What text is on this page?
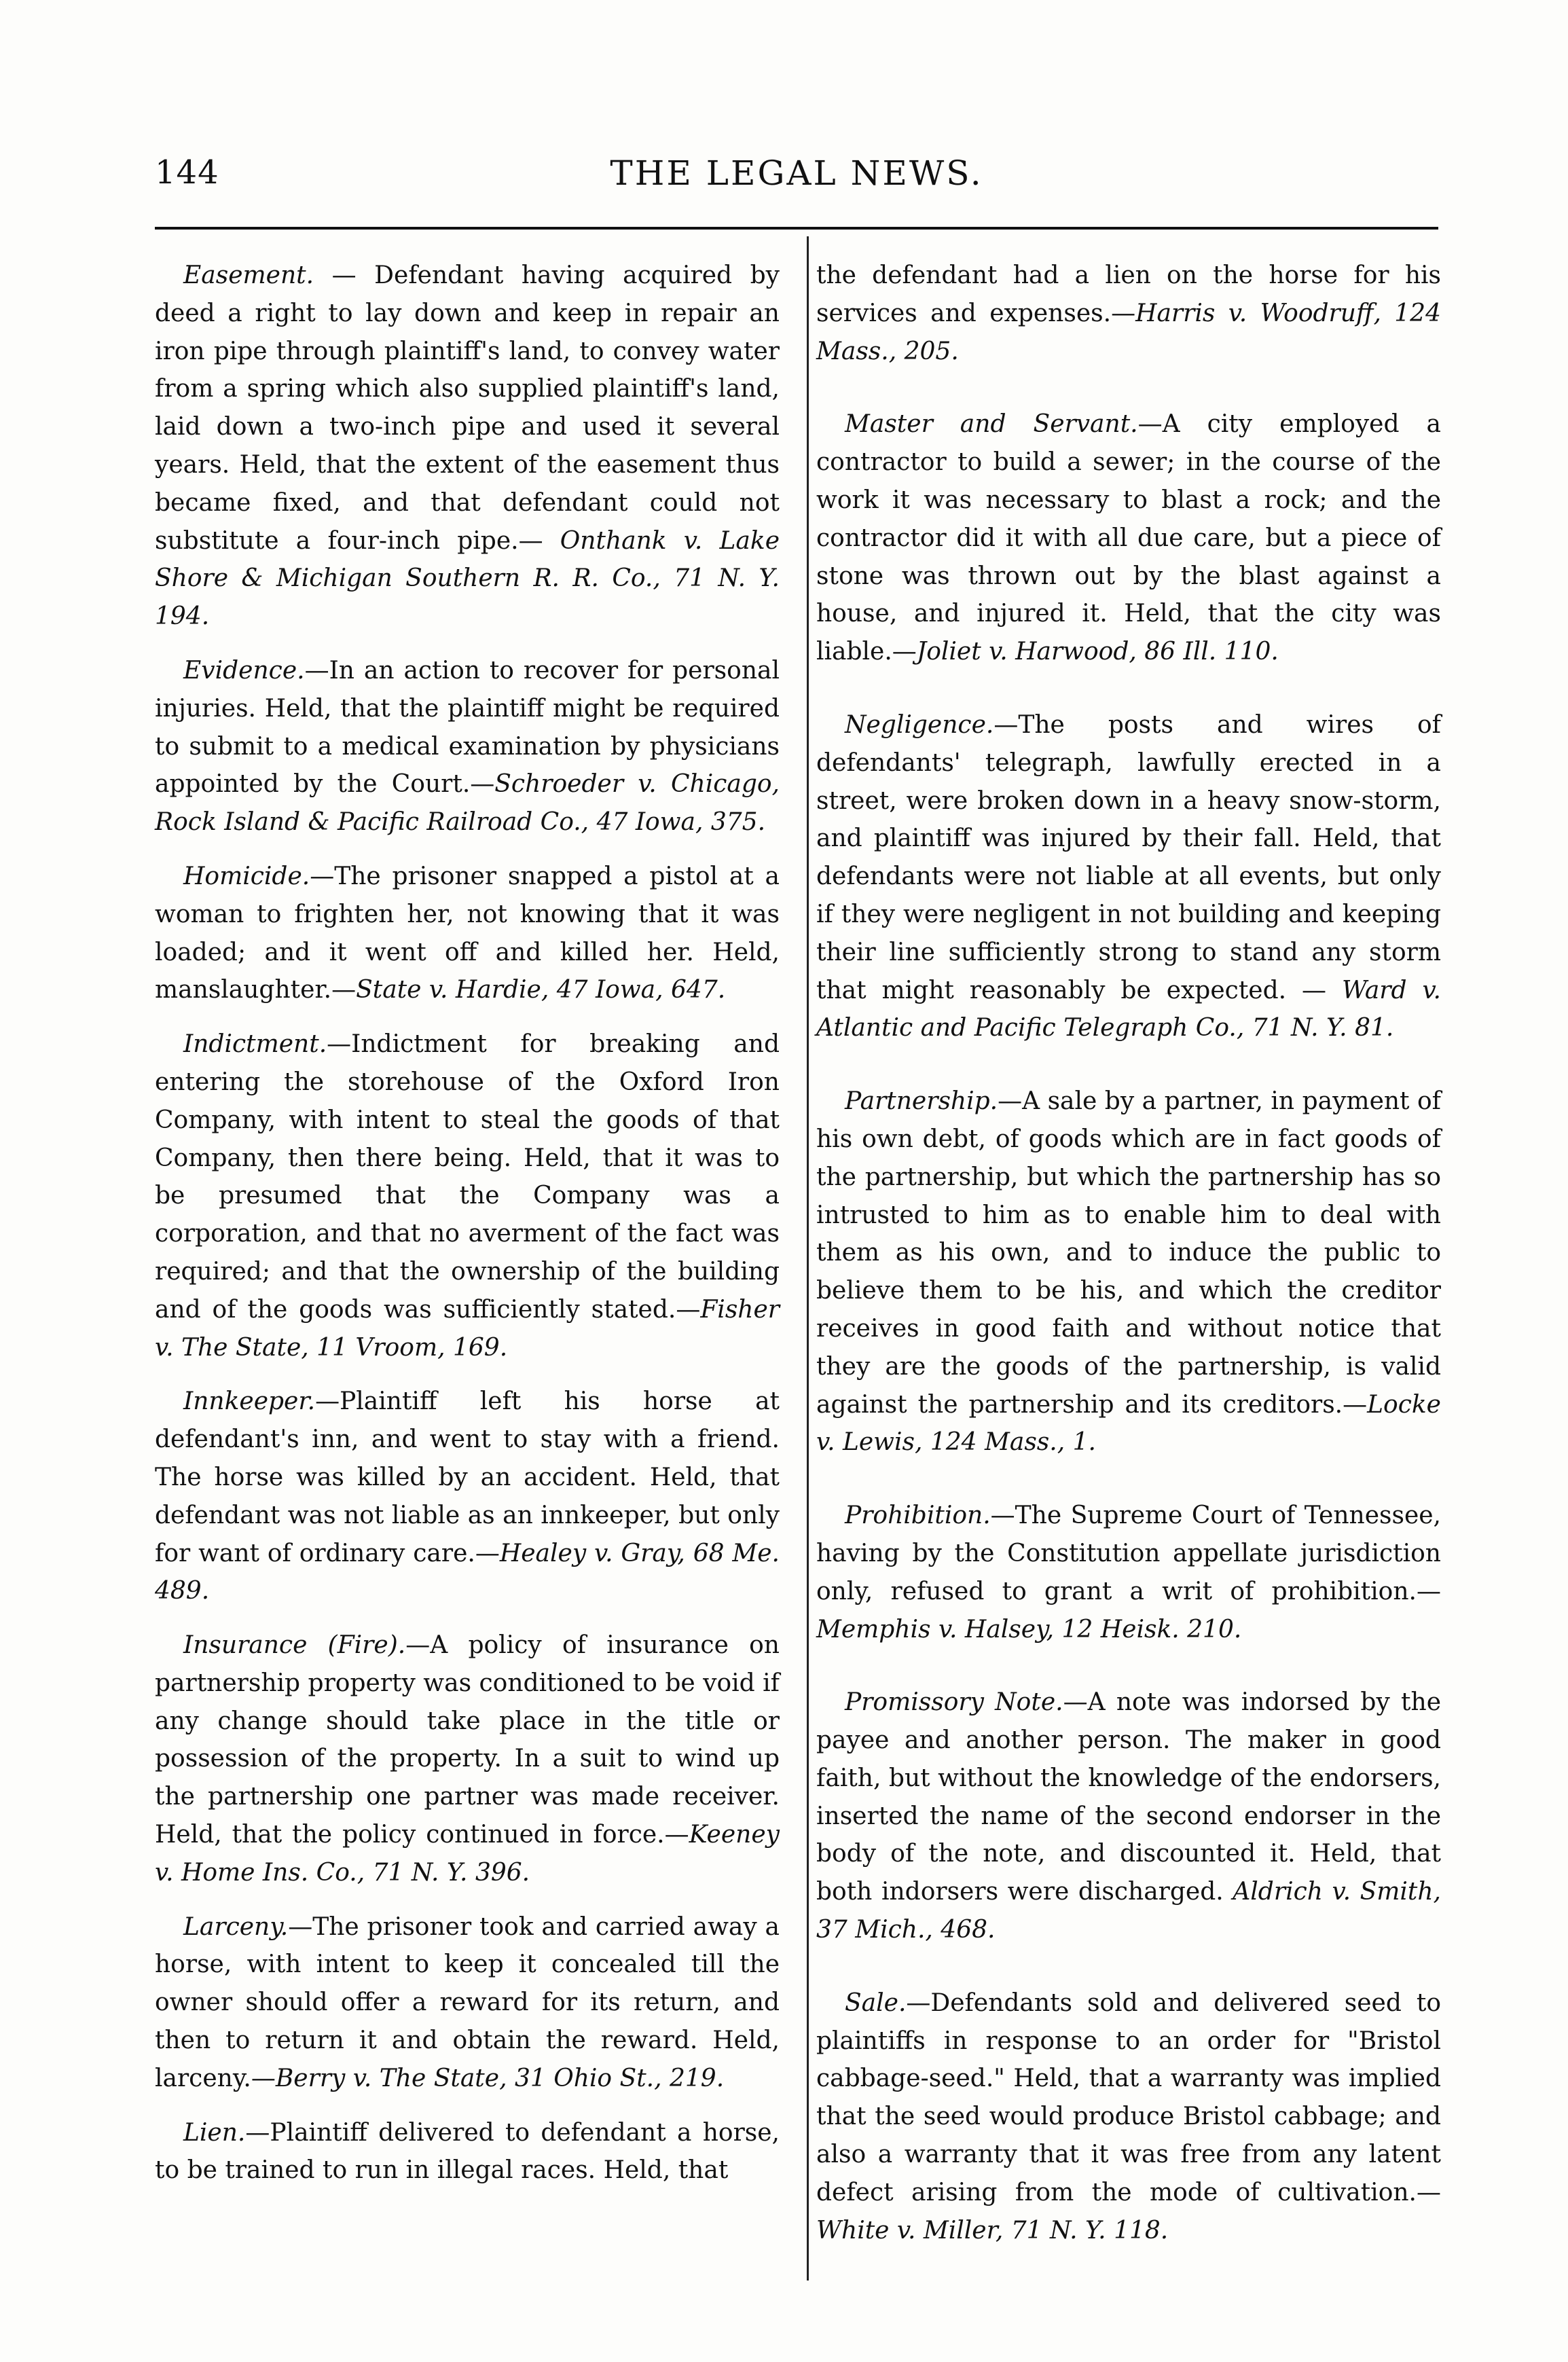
144	THE LEGAL NEWS.

Easement. — Defendant having acquired by deed a right to lay down and keep in repair an iron pipe through plaintiff's land, to convey water from a spring which also supplied plaintiff's land, laid down a two-inch pipe and used it several years. Held, that the extent of the easement thus became fixed, and that defendant could not substitute a four-inch pipe.— Onthank v. Lake Shore & Michigan Southern R. R. Co., 71 N. Y. 194.

Evidence.—In an action to recover for personal injuries. Held, that the plaintiff might be required to submit to a medical examination by physicians appointed by the Court.—Schroeder v. Chicago, Rock Island & Pacific Railroad Co., 47 Iowa, 375.

Homicide.—The prisoner snapped a pistol at a woman to frighten her, not knowing that it was loaded; and it went off and killed her. Held, manslaughter.—State v. Hardie, 47 Iowa, 647.

Indictment.—Indictment for breaking and entering the storehouse of the Oxford Iron Company, with intent to steal the goods of that Company, then there being. Held, that it was to be presumed that the Company was a corporation, and that no averment of the fact was required; and that the ownership of the building and of the goods was sufficiently stated.—Fisher v. The State, 11 Vroom, 169.

Innkeeper.—Plaintiff left his horse at defendant's inn, and went to stay with a friend. The horse was killed by an accident. Held, that defendant was not liable as an innkeeper, but only for want of ordinary care.—Healey v. Gray, 68 Me. 489.

Insurance (Fire).—A policy of insurance on partnership property was conditioned to be void if any change should take place in the title or possession of the property. In a suit to wind up the partnership one partner was made receiver. Held, that the policy continued in force.—Keeney v. Home Ins. Co., 71 N. Y. 396.

Larceny.—The prisoner took and carried away a horse, with intent to keep it concealed till the owner should offer a reward for its return, and then to return it and obtain the reward. Held, larceny.—Berry v. The State, 31 Ohio St., 219.

Lien.—Plaintiff delivered to defendant a horse, to be trained to run in illegal races. Held, that

the defendant had a lien on the horse for his services and expenses.—Harris v. Woodruff, 124 Mass., 205.

Master and Servant.—A city employed a contractor to build a sewer; in the course of the work it was necessary to blast a rock; and the contractor did it with all due care, but a piece of stone was thrown out by the blast against a house, and injured it. Held, that the city was liable.—Joliet v. Harwood, 86 Ill. 110.

Negligence.—The posts and wires of defendants' telegraph, lawfully erected in a street, were broken down in a heavy snow-storm, and plaintiff was injured by their fall. Held, that defendants were not liable at all events, but only if they were negligent in not building and keeping their line sufficiently strong to stand any storm that might reasonably be expected. — Ward v. Atlantic and Pacific Telegraph Co., 71 N. Y. 81.

Partnership.—A sale by a partner, in payment of his own debt, of goods which are in fact goods of the partnership, but which the partnership has so intrusted to him as to enable him to deal with them as his own, and to induce the public to believe them to be his, and which the creditor receives in good faith and without notice that they are the goods of the partnership, is valid against the partnership and its creditors.—Locke v. Lewis, 124 Mass., 1.

Prohibition.—The Supreme Court of Tennessee, having by the Constitution appellate jurisdiction only, refused to grant a writ of prohibition.—Memphis v. Halsey, 12 Heisk. 210.

Promissory Note.—A note was indorsed by the payee and another person. The maker in good faith, but without the knowledge of the endorsers, inserted the name of the second endorser in the body of the note, and discounted it. Held, that both indorsers were discharged. Aldrich v. Smith, 37 Mich., 468.

Sale.—Defendants sold and delivered seed to plaintiffs in response to an order for "Bristol cabbage-seed." Held, that a warranty was implied that the seed would produce Bristol cabbage; and also a warranty that it was free from any latent defect arising from the mode of cultivation.— White v. Miller, 71 N. Y. 118.
